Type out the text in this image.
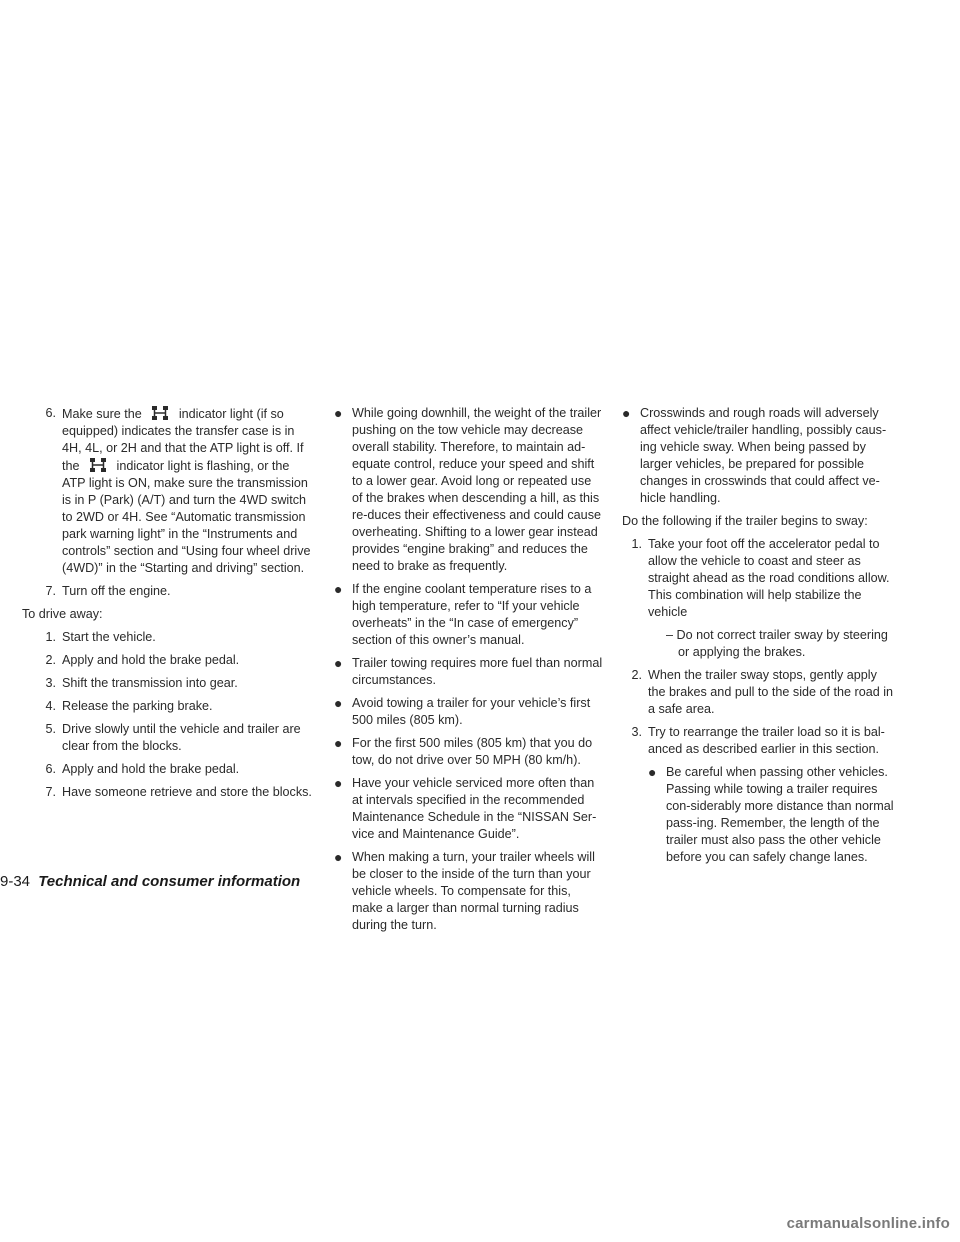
6. Make sure the	indicator light (if so equipped) indicates the transfer case is in 4H, 4L, or 2H and that the ATP light is off. If the	indicator light is flashing, or the ATP light is ON, make sure the transmission is in P (Park) (A/T) and turn the 4WD switch to 2WD or 4H. See “Automatic transmission park warning light” in the “Instruments and controls” section and “Using four wheel drive (4WD)” in the “Starting and driving” section.
7. Turn off the engine.
To drive away:
1. Start the vehicle.
2. Apply and hold the brake pedal.
3. Shift the transmission into gear.
4. Release the parking brake.
5. Drive slowly until the vehicle and trailer are clear from the blocks.
6. Apply and hold the brake pedal.
7. Have someone retrieve and store the blocks.
● While going downhill, the weight of the trailer pushing on the tow vehicle may decrease overall stability. Therefore, to maintain ad-equate control, reduce your speed and shift to a lower gear. Avoid long or repeated use of the brakes when descending a hill, as this re-duces their effectiveness and could cause overheating. Shifting to a lower gear instead provides “engine braking” and reduces the need to brake as frequently.
● If the engine coolant temperature rises to a high temperature, refer to “If your vehicle overheats” in the “In case of emergency” section of this owner’s manual.
● Trailer towing requires more fuel than normal circumstances.
● Avoid towing a trailer for your vehicle’s first 500 miles (805 km).
● For the first 500 miles (805 km) that you do tow, do not drive over 50 MPH (80 km/h).
● Have your vehicle serviced more often than at intervals specified in the recommended Maintenance Schedule in the “NISSAN Ser-vice and Maintenance Guide”.
● When making a turn, your trailer wheels will be closer to the inside of the turn than your vehicle wheels. To compensate for this, make a larger than normal turning radius during the turn.
● Crosswinds and rough roads will adversely affect vehicle/trailer handling, possibly caus-ing vehicle sway. When being passed by larger vehicles, be prepared for possible changes in crosswinds that could affect ve-hicle handling.
Do the following if the trailer begins to sway:
1. Take your foot off the accelerator pedal to allow the vehicle to coast and steer as straight ahead as the road conditions allow. This combination will help stabilize the vehicle
– Do not correct trailer sway by steering or applying the brakes.
2. When the trailer sway stops, gently apply the brakes and pull to the side of the road in a safe area.
3. Try to rearrange the trailer load so it is bal-anced as described earlier in this section.
● Be careful when passing other vehicles. Passing while towing a trailer requires con-siderably more distance than normal pass-ing. Remember, the length of the trailer must also pass the other vehicle before you can safely change lanes.
9-34 Technical and consumer information
carmanualsonline.info
